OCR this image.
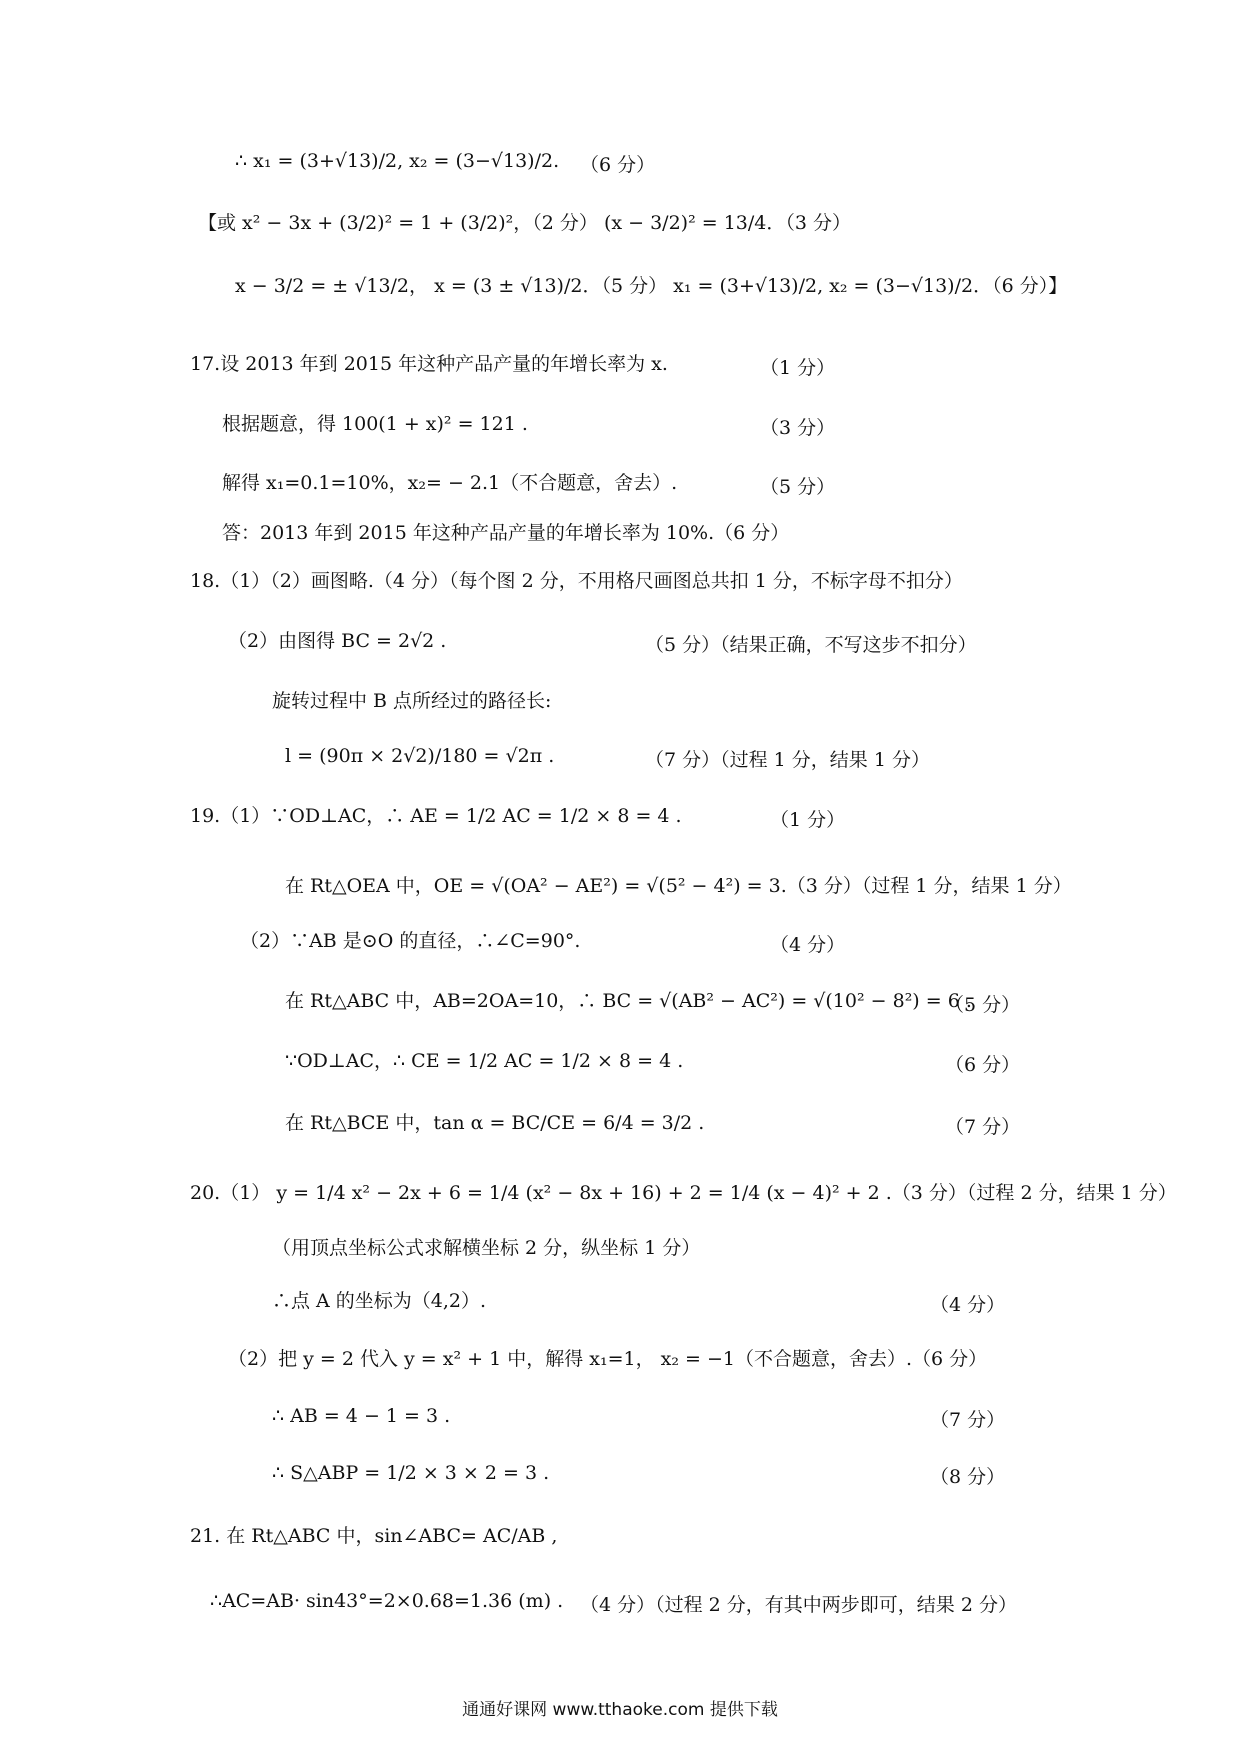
∴ x₁ = (3+√13)/2, x₂ = (3−√13)/2. （6 分）
【或 x² − 3x + (3/2)² = 1 + (3/2)²，（2 分） (x − 3/2)² = 13/4．（3 分）
x − 3/2 = ± √13/2， x = (3 ± √13)/2．（5 分） x₁ = (3+√13)/2, x₂ = (3−√13)/2．（6 分）】
17.设 2013 年到 2015 年这种产品产量的年增长率为 x.	（1 分）
根据题意，得 100(1 + x)² = 121 .	（3 分）
解得 x₁=0.1=10%，x₂= − 2.1（不合题意，舍去）.	（5 分）
答：2013 年到 2015 年这种产品产量的年增长率为 10%.（6 分）
18.（1）（2）画图略.（4 分）（每个图 2 分，不用格尺画图总共扣 1 分，不标字母不扣分）
（2）由图得 BC = 2√2 .	（5 分）（结果正确，不写这步不扣分）
旋转过程中 B 点所经过的路径长:
l = (90π × 2√2)/180 = √2π .	（7 分）（过程 1 分，结果 1 分）
19.（1）∵OD⊥AC，∴ AE = 1/2 AC = 1/2 × 8 = 4 .	（1 分）
在 Rt△OEA 中，OE = √(OA² − AE²) = √(5² − 4²) = 3.（3 分）（过程 1 分，结果 1 分）
（2）∵AB 是⊙O 的直径，∴∠C=90°.	（4 分）
在 Rt△ABC 中，AB=2OA=10，∴ BC = √(AB² − AC²) = √(10² − 8²) = 6 .
（5 分）
∵OD⊥AC，∴ CE = 1/2 AC = 1/2 × 8 = 4 .	（6 分）
在 Rt△BCE 中，tan α = BC/CE = 6/4 = 3/2 .	（7 分）
20.（1） y = 1/4 x² − 2x + 6 = 1/4 (x² − 8x + 16) + 2 = 1/4 (x − 4)² + 2 .（3 分）（过程 2 分，结果 1 分）
（用顶点坐标公式求解横坐标 2 分，纵坐标 1 分）
∴点 A 的坐标为（4,2）.	（4 分）
（2）把 y = 2 代入 y = x² + 1 中，解得 x₁=1， x₂ = −1（不合题意，舍去）.（6 分）
∴ AB = 4 − 1 = 3 .	（7 分）
∴ S△ABP = 1/2 × 3 × 2 = 3 .	（8 分）
21. 在 Rt△ABC 中，sin∠ABC= AC/AB ,
∴AC=AB· sin43°=2×0.68=1.36 (m) . （4 分）（过程 2 分，有其中两步即可，结果 2 分）
通通好课网 www.tthaoke.com 提供下载
